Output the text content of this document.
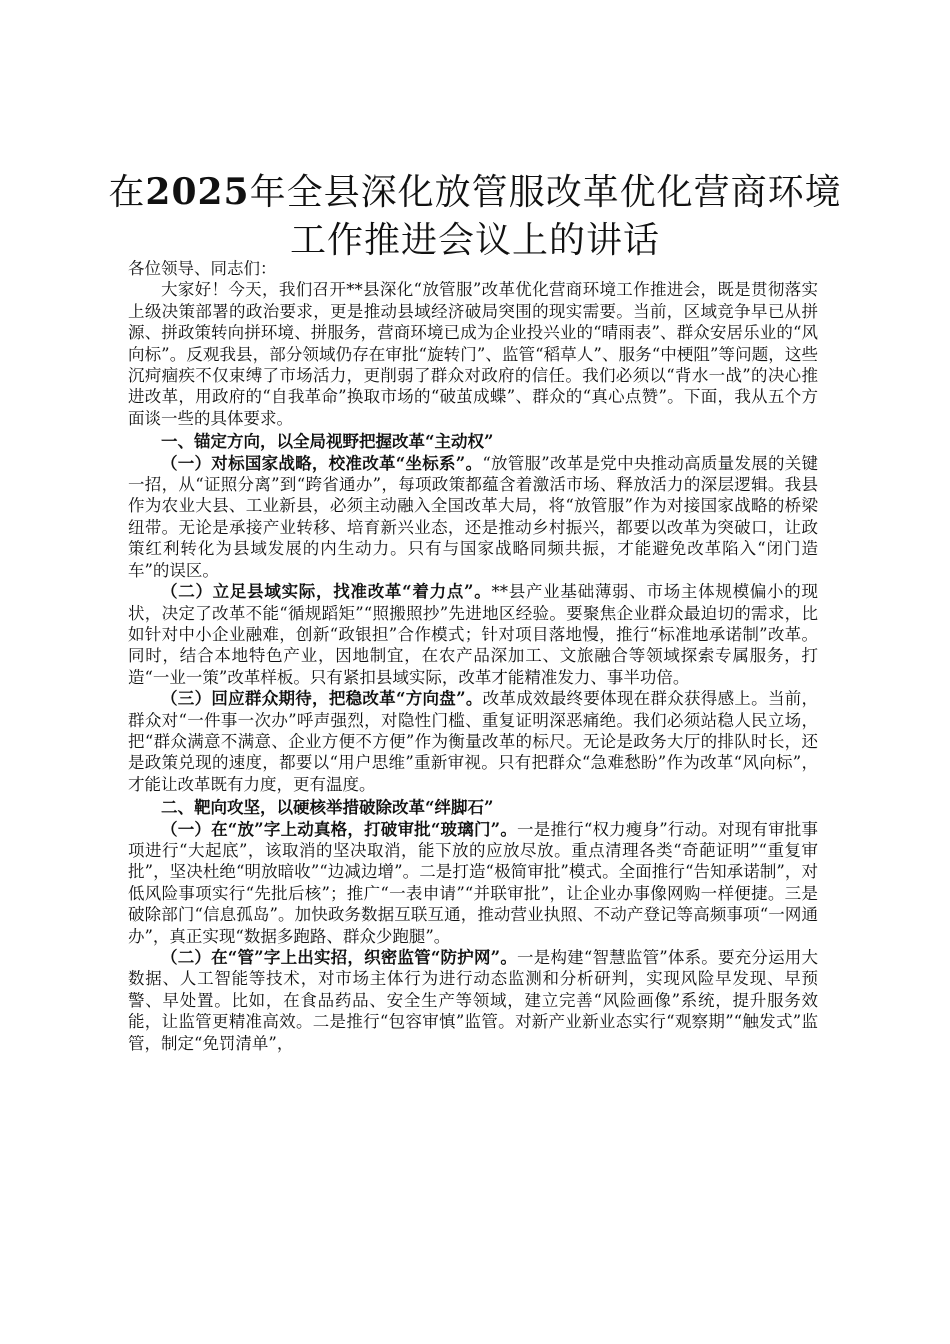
在2025年全县深化放管服改革优化营商环境
工作推进会议上的讲话

各位领导、同志们：

大家好！今天，我们召开**县深化“放管服”改革优化营商环境工作推进会，既是贯彻落实上级决策部署的政治要求，更是推动县域经济破局突围的现实需要。当前，区域竞争早已从拼源、拼政策转向拼环境、拼服务，营商环境已成为企业投兴业的“晴雨表”、群众安居乐业的“风向标”。反观我县，部分领域仍存在审批“旋转门”、监管“稻草人”、服务“中梗阻”等问题，这些沉疴痼疾不仅束缚了市场活力，更削弱了群众对政府的信任。我们必须以“背水一战”的决心推进改革，用政府的“自我革命”换取市场的“破茧成蝶”、群众的“真心点赞”。下面，我从五个方面谈一些的具体要求。

一、锚定方向，以全局视野把握改革“主动权”

（一）对标国家战略，校准改革“坐标系”。“放管服”改革是党中央推动高质量发展的关键一招，从“证照分离”到“跨省通办”，每项政策都蕴含着激活市场、释放活力的深层逻辑。我县作为农业大县、工业新县，必须主动融入全国改革大局，将“放管服”作为对接国家战略的桥梁纽带。无论是承接产业转移、培育新兴业态，还是推动乡村振兴，都要以改革为突破口，让政策红利转化为县域发展的内生动力。只有与国家战略同频共振，才能避免改革陷入“闭门造车”的误区。

（二）立足县域实际，找准改革“着力点”。**县产业基础薄弱、市场主体规模偏小的现状，决定了改革不能“循规蹈矩”“照搬照抄”先进地区经验。要聚焦企业群众最迫切的需求，比如针对中小企业融难，创新“政银担”合作模式；针对项目落地慢，推行“标准地承诺制”改革。同时，结合本地特色产业，因地制宜，在农产品深加工、文旅融合等领域探索专属服务，打造“一业一策”改革样板。只有紧扣县域实际，改革才能精准发力、事半功倍。

（三）回应群众期待，把稳改革“方向盘”。改革成效最终要体现在群众获得感上。当前，群众对“一件事一次办”呼声强烈，对隐性门槛、重复证明深恶痛绝。我们必须站稳人民立场，把“群众满意不满意、企业方便不方便”作为衡量改革的标尺。无论是政务大厅的排队时长，还是政策兑现的速度，都要以“用户思维”重新审视。只有把群众“急难愁盼”作为改革“风向标”，才能让改革既有力度，更有温度。

二、靶向攻坚，以硬核举措破除改革“绊脚石”

（一）在“放”字上动真格，打破审批“玻璃门”。一是推行“权力瘦身”行动。对现有审批事项进行“大起底”，该取消的坚决取消，能下放的应放尽放。重点清理各类“奇葩证明”“重复审批”，坚决杜绝“明放暗收”“边减边增”。二是打造“极简审批”模式。全面推行“告知承诺制”，对低风险事项实行“先批后核”；推广“一表申请”“并联审批”，让企业办事像网购一样便捷。三是破除部门“信息孤岛”。加快政务数据互联互通，推动营业执照、不动产登记等高频事项“一网通办”，真正实现“数据多跑路、群众少跑腿”。

（二）在“管”字上出实招，织密监管“防护网”。一是构建“智慧监管”体系。要充分运用大数据、人工智能等技术，对市场主体行为进行动态监测和分析研判，实现风险早发现、早预警、早处置。比如，在食品药品、安全生产等领域，建立完善“风险画像”系统，提升服务效能，让监管更精准高效。二是推行“包容审慎”监管。对新产业新业态实行“观察期”“触发式”监管，制定“免罚清单”，
